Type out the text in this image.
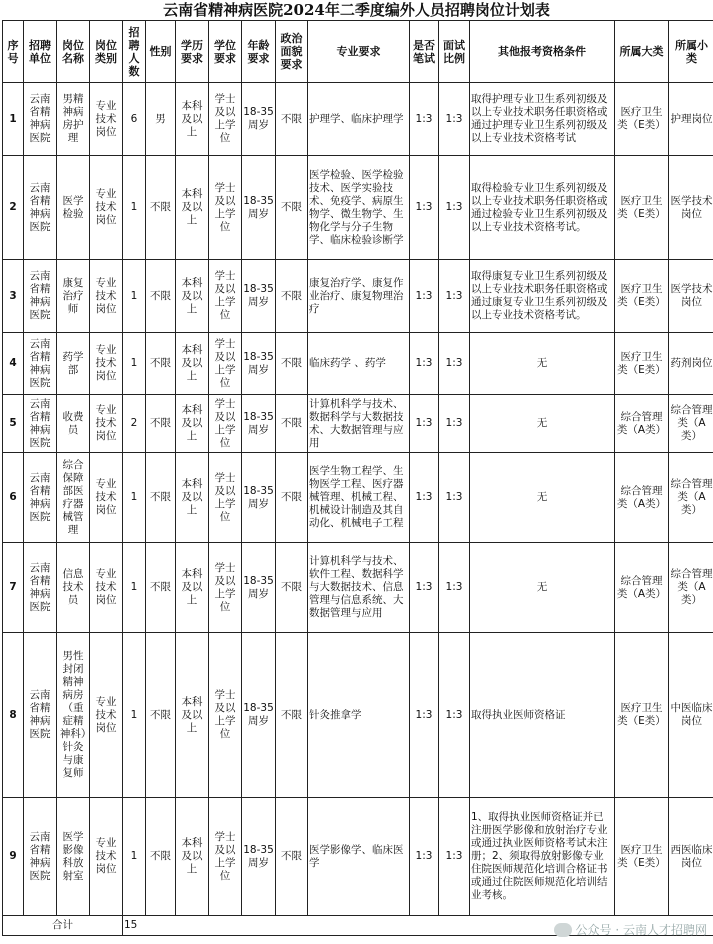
云南省精神病医院2024年二季度编外人员招聘岗位计划表
序号	招聘单位	岗位名称	岗位类别	招聘人数	性别	学历要求	学位要求	年龄要求	政治面貌要求	专业要求	是否笔试	面试比例	其他报考资格条件	所属大类	所属小类
1	云南省精神病医院	男精神病房护理	专业技术岗位	6	男	本科及以上	学士及以上学位	18-35周岁	不限	护理学、临床护理学	1:3	1:3	取得护理专业卫生系列初级及以上专业技术职务任职资格或通过护理专业卫生系列初级及以上专业技术资格考试	医疗卫生类（E类）	护理岗位
2	云南省精神病医院	医学检验	专业技术岗位	1	不限	本科及以上	学士及以上学位	18-35周岁	不限	医学检验、医学检验技术、医学实验技术、免疫学、病原生物学、微生物学、生物化学与分子生物学、临床检验诊断学	1:3	1:3	取得检验专业卫生系列初级及以上专业技术职务任职资格或通过检验专业卫生系列初级及以上专业技术资格考试。	医疗卫生类（E类）	医学技术岗位
3	云南省精神病医院	康复治疗师	专业技术岗位	1	不限	本科及以上	学士及以上学位	18-35周岁	不限	康复治疗学、康复作业治疗、康复物理治疗	1:3	1:3	取得康复专业卫生系列初级及以上专业技术职务任职资格或通过康复专业卫生系列初级及以上专业技术资格考试。	医疗卫生类（E类）	医学技术岗位
4	云南省精神病医院	药学部	专业技术岗位	1	不限	本科及以上	学士及以上学位	18-35周岁	不限	临床药学 、药学	1:3	1:3	无	医疗卫生类（E类）	药剂岗位
5	云南省精神病医院	收费员	专业技术岗位	2	不限	本科及以上	学士及以上学位	18-35周岁	不限	计算机科学与技术、数据科学与大数据技术、大数据管理与应用	1:3	1:3	无	综合管理类（A类）	综合管理类（A类）
6	云南省精神病医院	综合保障部医疗器械管理	专业技术岗位	1	不限	本科及以上	学士及以上学位	18-35周岁	不限	医学生物工程学、生物医学工程、医疗器械管理、机械工程、机械设计制造及其自动化、机械电子工程	1:3	1:3	无	综合管理类（A类）	综合管理类（A类）
7	云南省精神病医院	信息技术员	专业技术岗位	1	不限	本科及以上	学士及以上学位	18-35周岁	不限	计算机科学与技术、软件工程、数据科学与大数据技术、信息管理与信息系统、大数据管理与应用	1:3	1:3	无	综合管理类（A类）	综合管理类（A类）
8	云南省精神病医院	男性封闭精神病房（重症精神科）针灸与康复师	专业技术岗位	1	不限	本科及以上	学士及以上学位	18-35周岁	不限	针灸推拿学	1:3	1:3	取得执业医师资格证	医疗卫生类（E类）	中医临床岗位
9	云南省精神病医院	医学影像科放射室	专业技术岗位	1	不限	本科及以上	学士及以上学位	18-35周岁	不限	医学影像学、临床医学	1:3	1:3	1、取得执业医师资格证并已注册医学影像和放射治疗专业或通过执业医师资格考试未注册；2、须取得放射影像专业住院医师规范化培训合格证书或通过住院医师规范化培训结业考核。	医疗卫生类（E类）	西医临床岗位
合计				15												公众号 · 云南人才招聘网
